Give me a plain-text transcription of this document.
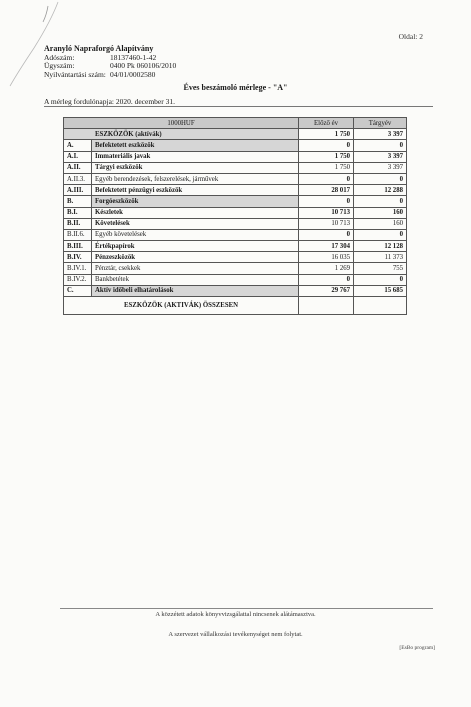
Oldal: 2
Aranyló Napraforgó Alapítvány
Adószám:	18137460-1-42
Ügyszám:	0400 Pk 060106/2010
Nyilvántartási szám: 04/01/0002580
Éves beszámoló mérlege - "A"
A mérleg fordulónapja: 2020. december 31.
1000HUF		Előző év	Tárgyév
ESZKÖZÖK (aktívák)		1 750	3 397
A.	Befektetett eszközök	0	0
A.I.	Immateriális javak	1 750	3 397
A.II.	Tárgyi eszközök	1 750	3 397
A.II.3.	Egyéb berendezések, felszerelések, járművek	0	0
A.III.	Befektetett pénzügyi eszközök	28 017	12 288
B.	Forgóeszközök	0	0
B.I.	Készletek	10 713	160
B.II.	Követelések	10 713	160
B.II.6.	Egyéb követelések	0	0
B.III.	Értékpapírok	17 304	12 128
B.IV.	Pénzeszközök	16 035	11 373
B.IV.1.	Pénztár, csekkek	1 269	755
B.IV.2.	Bankbetétek	0	0
C.	Aktív időbeli elhatárolások	29 767	15 685
ESZKÖZÖK (AKTIVÁK) ÖSSZESEN			
A közzétett adatok könyvvizsgálattal nincsenek alátámasztva.
A szervezet vállalkozási tevékenységet nem folytat.
[EsBo program]
